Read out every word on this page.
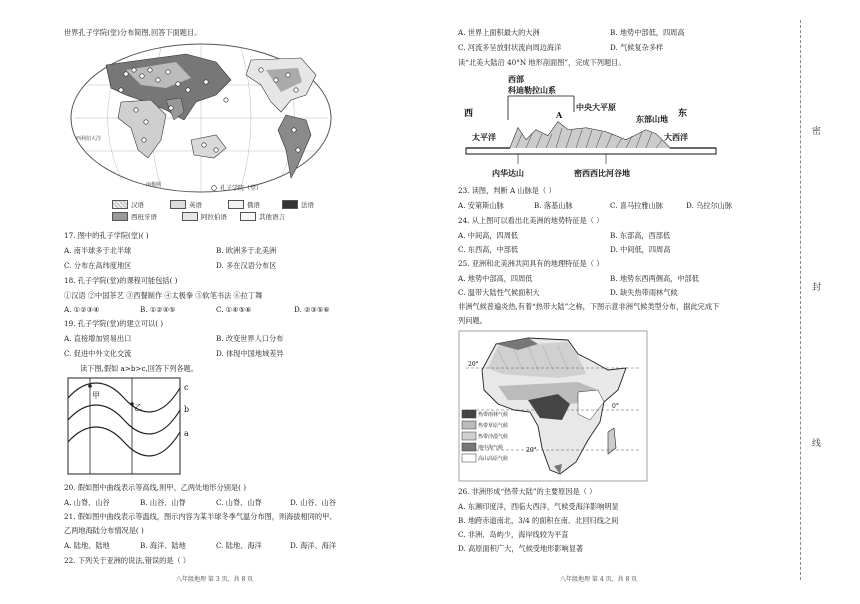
世界孔子学院(堂)分布简图,回答下面题目。
西利伯大洋
南极圈	孔子学院（堂）
汉语	英语	俄语	法语
西班牙语	阿拉伯语	其他语言
17. 图中的孔子学院(堂)( )
A. 南半球多于北半球	B. 欧洲多于北美洲
C. 分布在高纬度地区	D. 多在汉语分布区
18. 孔子学院(堂)的课程可能包括( )
①汉语 ②中国茶艺 ③西餐制作 ④太极拳 ⑤软笔书法 ⑥拉丁舞
A. ①②③④	B. ①②④⑤	C. ①④⑤⑥	D. ②③⑤⑥
19. 孔子学院(堂)的建立可以( )
A. 直接增加贸易出口	B. 改变世界人口分布
C. 促进中外文化交流	D. 体现中国地域差异
读下图,假如 a>b>c,回答下列各题。
甲
乙
c
b
a
20. 假如图中曲线表示等高线,则甲、乙两处地形分别是( )
A. 山脊、山谷	B. 山谷、山脊	C. 山脊、山脊	D. 山谷、山谷
21. 假如图中曲线表示等温线，图示内容为某半球冬季气温分布图，则海拔相同的甲、
乙两地海陆分布情况是( )
A. 陆地、陆地	B. 海洋、陆地	C. 陆地、海洋	D. 海洋、海洋
22. 下列关于亚洲的说法,错误的是（ ）
八年级地理 第 3 页，共 8 页
A. 世界上面积最大的大洲	B. 地势中部低，四周高
C. 河流多呈放射状流向周边海洋	D. 气候复杂多样
读“北美大陆沿 40°N 地形剖面图”，完成下列题目。
西部
科迪勒拉山系
西	东
A
中央大平原
东部山地
太平洋	大西洋
内华达山	密西西比河谷地
23. 读图，判断 A 山脉是（ ）
A. 安第斯山脉	B. 落基山脉	C. 喜马拉雅山脉	D. 乌拉尔山脉
24. 从上图可以看出北美洲的地势特征是（ ）
A. 中间高，四周低	B. 东部高，西部低
C. 东西高，中部低	D. 中间低，四周高
25. 亚洲和北美洲共同具有的地理特征是（ ）
A. 地势中部高，四周低	B. 地势东西两侧高，中部低
C. 温带大陆性气候面积大	D. 缺失热带雨林气候
非洲气候普遍炎热,有着“热带大陆”之称，下图示意非洲气候类型分布，据此完成下
列问题。
20°
0°
20°
热带雨林气候
热带草原气候
热带沙漠气候
地中海气候
高山高原气候
26. 非洲形成“热带大陆”的主要原因是（ ）
A. 东濒印度洋，西临大西洋，气候受海洋影响明显
B. 地跨赤道南北，3/4 的面积在南、北回归线之间
C. 非洲、岛屿少，海岸线较为平直
D. 高原面积广大，气候受地形影响显著
八年级地理 第 4 页，共 8 页
密
封
线
